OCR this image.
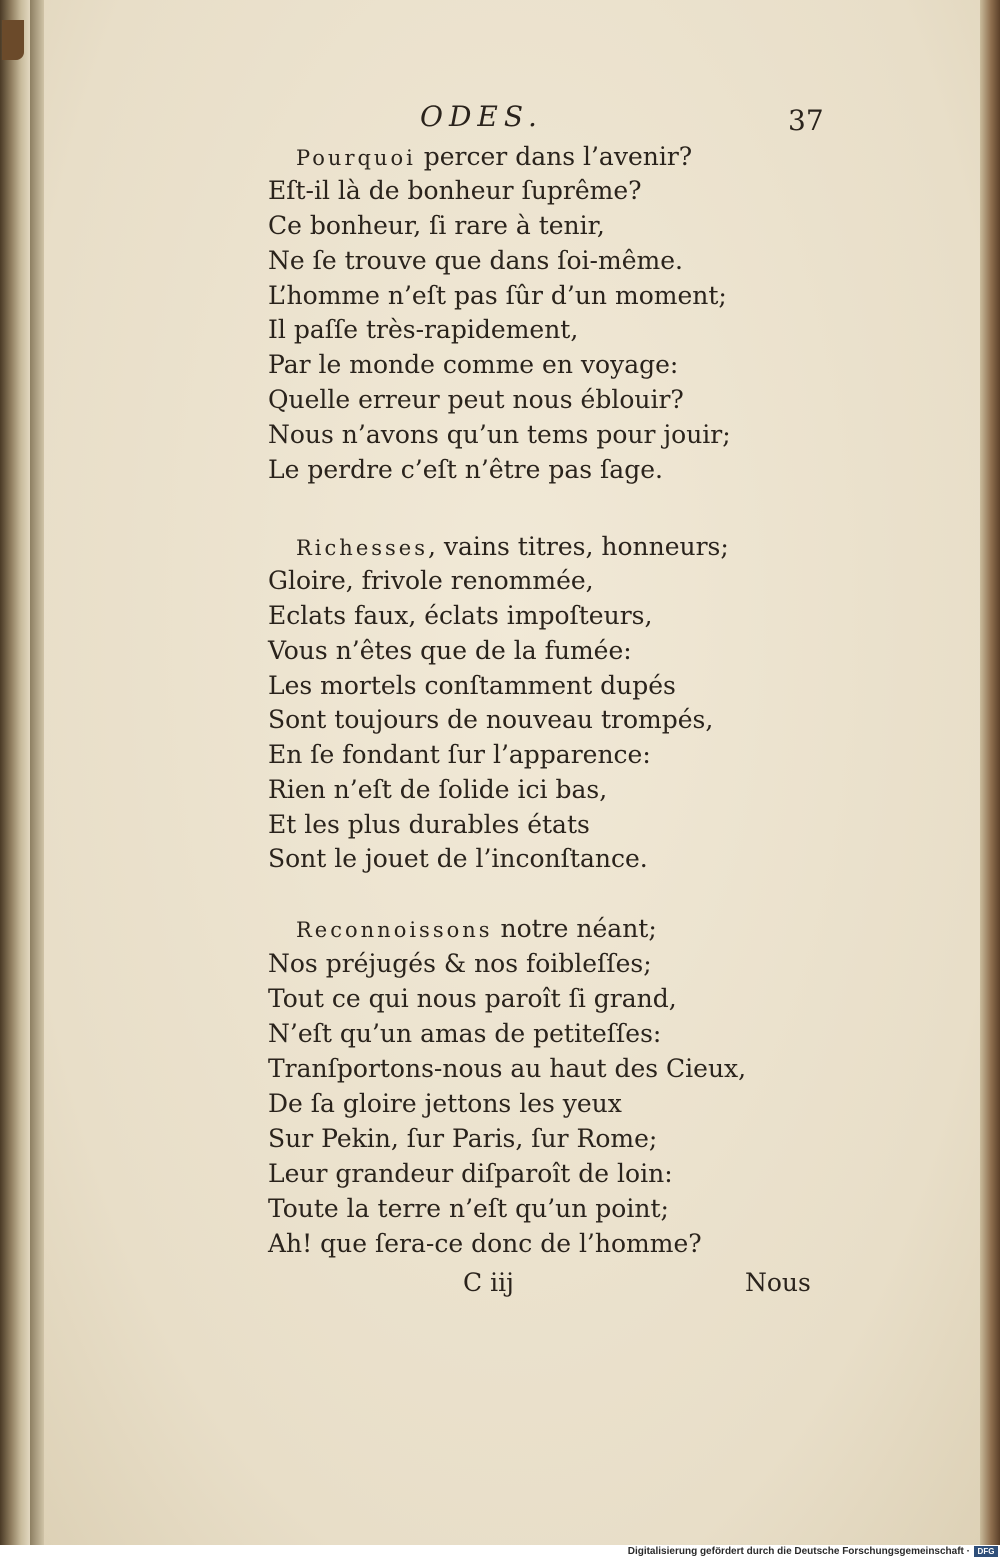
ODES.	37
Pourquoi percer dans l’avenir?
Eſt-il là de bonheur ſuprême?
Ce bonheur, ſi rare à tenir,
Ne ſe trouve que dans ſoi-même.
L’homme n’eſt pas ſûr d’un moment;
Il paſſe très-rapidement,
Par le monde comme en voyage:
Quelle erreur peut nous éblouir?
Nous n’avons qu’un tems pour jouir;
Le perdre c’eſt n’être pas ſage.
Richesses, vains titres, honneurs;
Gloire, frivole renommée,
Eclats faux, éclats impoſteurs,
Vous n’êtes que de la fumée:
Les mortels conſtamment dupés
Sont toujours de nouveau trompés,
En ſe fondant ſur l’apparence:
Rien n’eſt de ſolide ici bas,
Et les plus durables états
Sont le jouet de l’inconſtance.
Reconnoissons notre néant;
Nos préjugés & nos foibleſſes;
Tout ce qui nous paroît ſi grand,
N’eſt qu’un amas de petiteſſes:
Tranſportons-nous au haut des Cieux,
De ſa gloire jettons les yeux
Sur Pekin, ſur Paris, ſur Rome;
Leur grandeur diſparoît de loin:
Toute la terre n’eſt qu’un point;
Ah! que ſera-ce donc de l’homme?
C iij	Nous
Digitalisierung gefördert durch die Deutsche Forschungsgemeinschaft · DFG
